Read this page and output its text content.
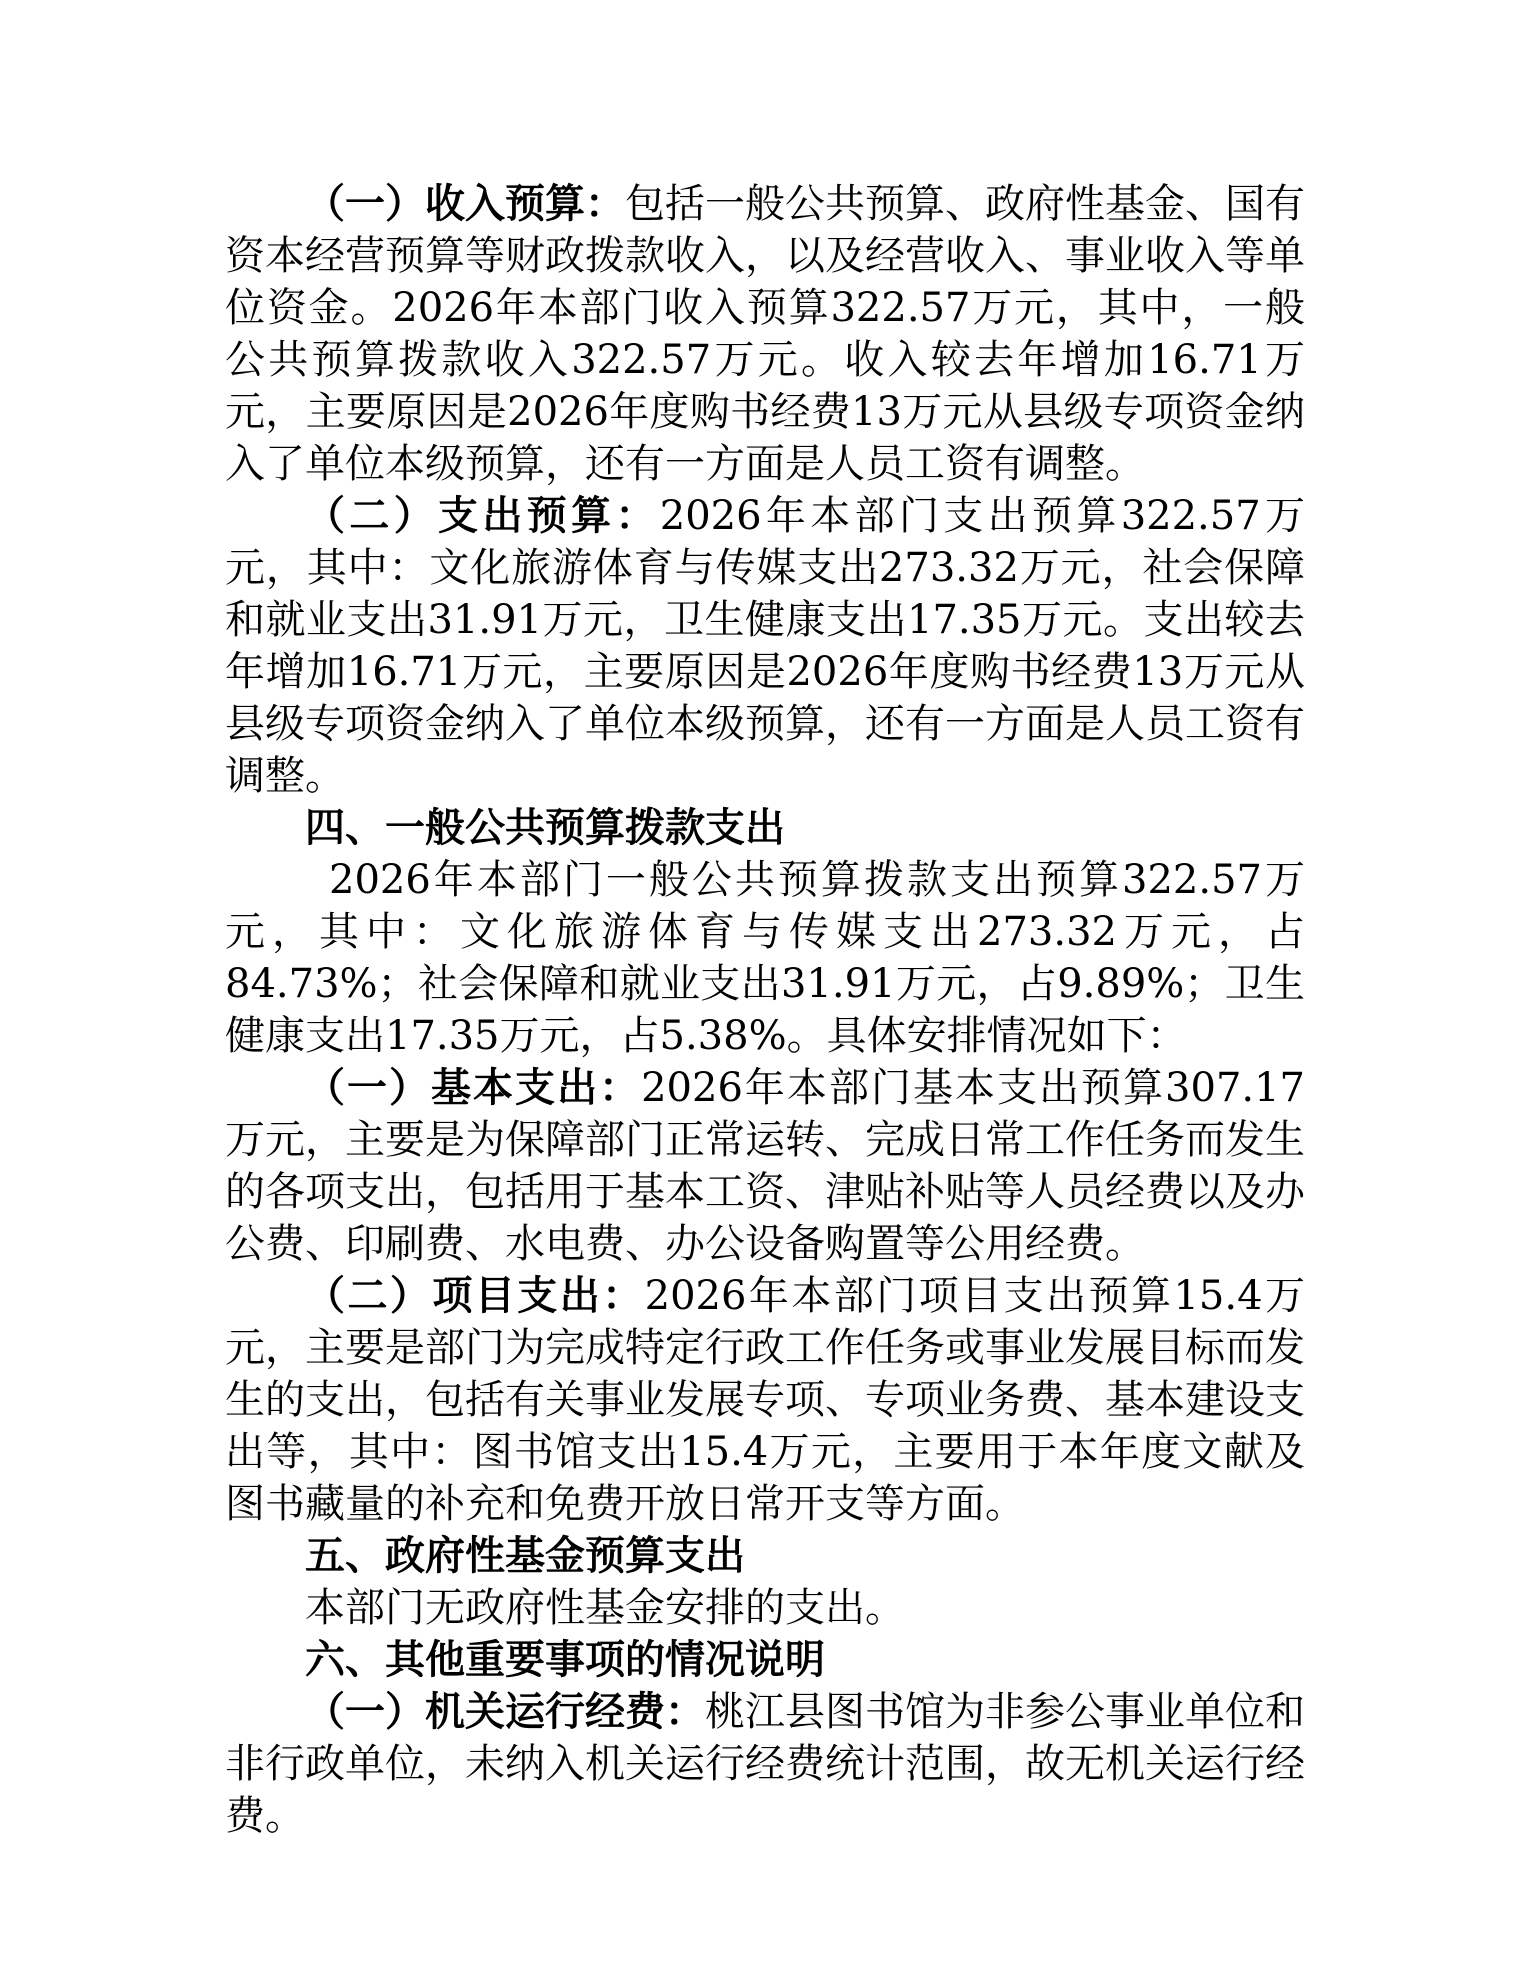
（一）收入预算：包括一般公共预算、政府性基金、国有资本经营预算等财政拨款收入，以及经营收入、事业收入等单位资金。2026年本部门收入预算322.57万元，其中，一般公共预算拨款收入322.57万元。收入较去年增加16.71万元，主要原因是2026年度购书经费13万元从县级专项资金纳入了单位本级预算，还有一方面是人员工资有调整。

（二）支出预算：2026年本部门支出预算322.57万元，其中：文化旅游体育与传媒支出273.32万元，社会保障和就业支出31.91万元，卫生健康支出17.35万元。支出较去年增加16.71万元，主要原因是2026年度购书经费13万元从县级专项资金纳入了单位本级预算，还有一方面是人员工资有调整。

四、一般公共预算拨款支出

2026年本部门一般公共预算拨款支出预算322.57万元，其中：文化旅游体育与传媒支出273.32万元，占84.73%；社会保障和就业支出31.91万元，占9.89%；卫生健康支出17.35万元，占5.38%。具体安排情况如下：

（一）基本支出：2026年本部门基本支出预算307.17万元，主要是为保障部门正常运转、完成日常工作任务而发生的各项支出，包括用于基本工资、津贴补贴等人员经费以及办公费、印刷费、水电费、办公设备购置等公用经费。

（二）项目支出：2026年本部门项目支出预算15.4万元，主要是部门为完成特定行政工作任务或事业发展目标而发生的支出，包括有关事业发展专项、专项业务费、基本建设支出等，其中：图书馆支出15.4万元，主要用于本年度文献及图书藏量的补充和免费开放日常开支等方面。

五、政府性基金预算支出

本部门无政府性基金安排的支出。

六、其他重要事项的情况说明

（一）机关运行经费：桃江县图书馆为非参公事业单位和非行政单位，未纳入机关运行经费统计范围，故无机关运行经费。
